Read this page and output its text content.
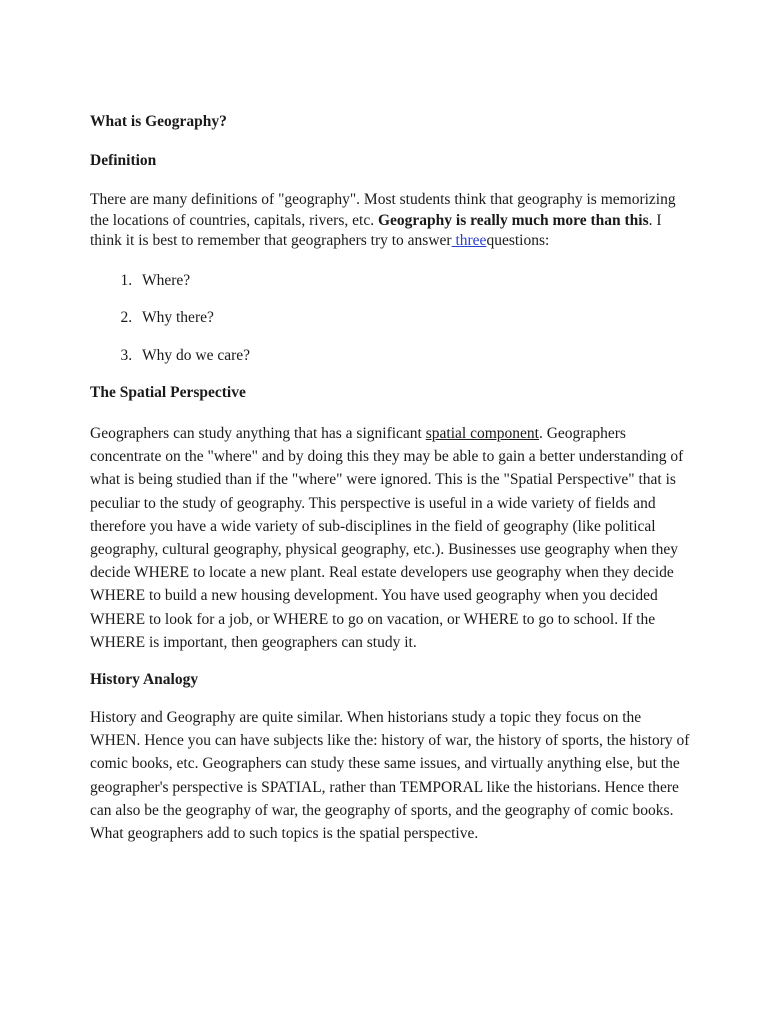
What is Geography?
Definition

There are many definitions of "geography". Most students think that geography is memorizing the locations of countries, capitals, rivers, etc. Geography is really much more than this. I think it is best to remember that geographers try to answer threequestions:

1. Where?
2. Why there?
3. Why do we care?
The Spatial Perspective

Geographers can study anything that has a significant spatial component. Geographers concentrate on the "where" and by doing this they may be able to gain a better understanding of what is being studied than if the "where" were ignored. This is the "Spatial Perspective" that is peculiar to the study of geography. This perspective is useful in a wide variety of fields and therefore you have a wide variety of sub-disciplines in the field of geography (like political geography, cultural geography, physical geography, etc.). Businesses use geography when they decide WHERE to locate a new plant. Real estate developers use geography when they decide WHERE to build a new housing development. You have used geography when you decided WHERE to look for a job, or WHERE to go on vacation, or WHERE to go to school. If the WHERE is important, then geographers can study it.

History Analogy

History and Geography are quite similar. When historians study a topic they focus on the WHEN. Hence you can have subjects like the: history of war, the history of sports, the history of comic books, etc. Geographers can study these same issues, and virtually anything else, but the geographer's perspective is SPATIAL, rather than TEMPORAL like the historians. Hence there can also be the geography of war, the geography of sports, and the geography of comic books. What geographers add to such topics is the spatial perspective.
